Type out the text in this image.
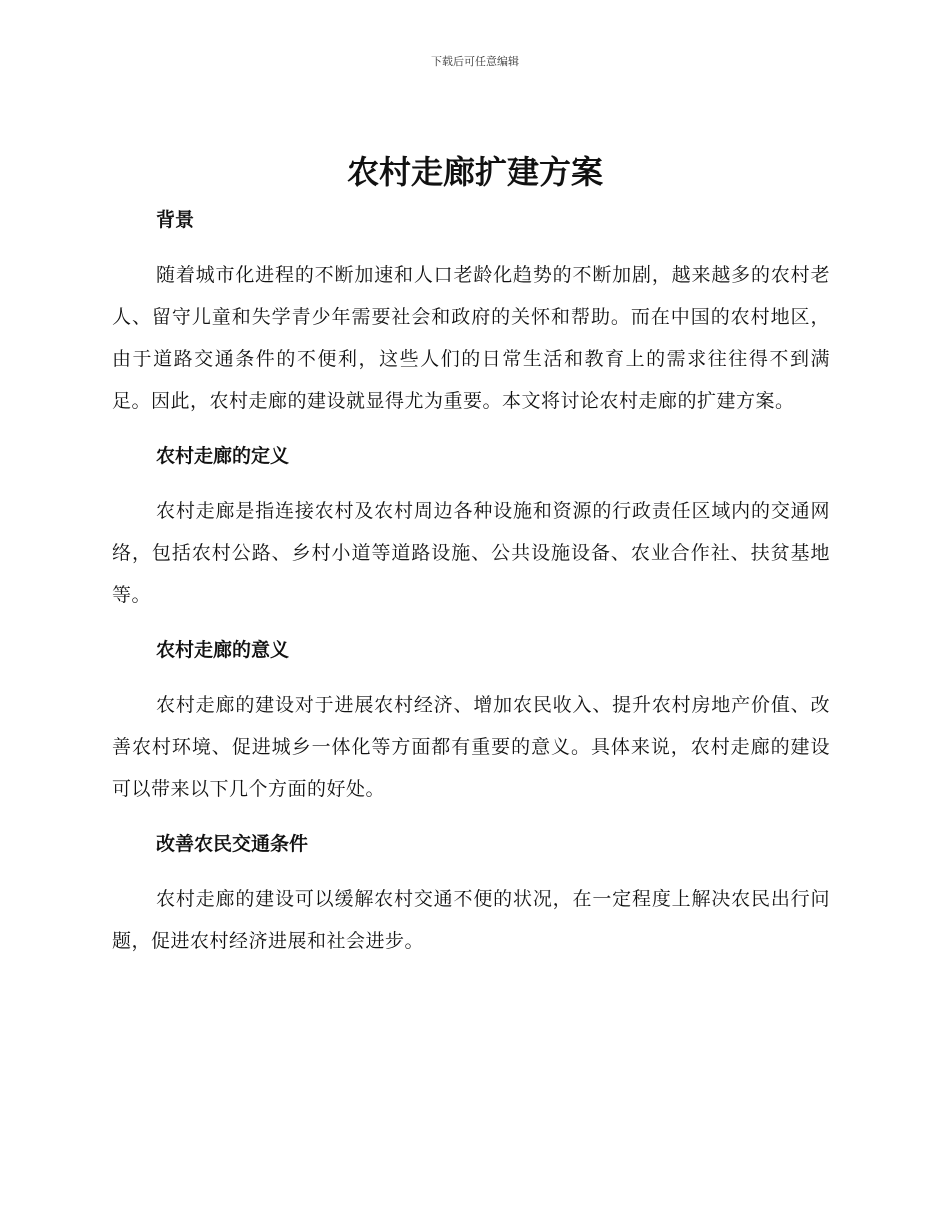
下载后可任意编辑
农村走廊扩建方案
背景

随着城市化进程的不断加速和人口老龄化趋势的不断加剧，越来越多的农村老人、留守儿童和失学青少年需要社会和政府的关怀和帮助。而在中国的农村地区，由于道路交通条件的不便利，这些人们的日常生活和教育上的需求往往得不到满足。因此，农村走廊的建设就显得尤为重要。本文将讨论农村走廊的扩建方案。

农村走廊的定义

农村走廊是指连接农村及农村周边各种设施和资源的行政责任区域内的交通网络，包括农村公路、乡村小道等道路设施、公共设施设备、农业合作社、扶贫基地等。

农村走廊的意义

农村走廊的建设对于进展农村经济、增加农民收入、提升农村房地产价值、改善农村环境、促进城乡一体化等方面都有重要的意义。具体来说，农村走廊的建设可以带来以下几个方面的好处。

改善农民交通条件

农村走廊的建设可以缓解农村交通不便的状况，在一定程度上解决农民出行问题，促进农村经济进展和社会进步。
